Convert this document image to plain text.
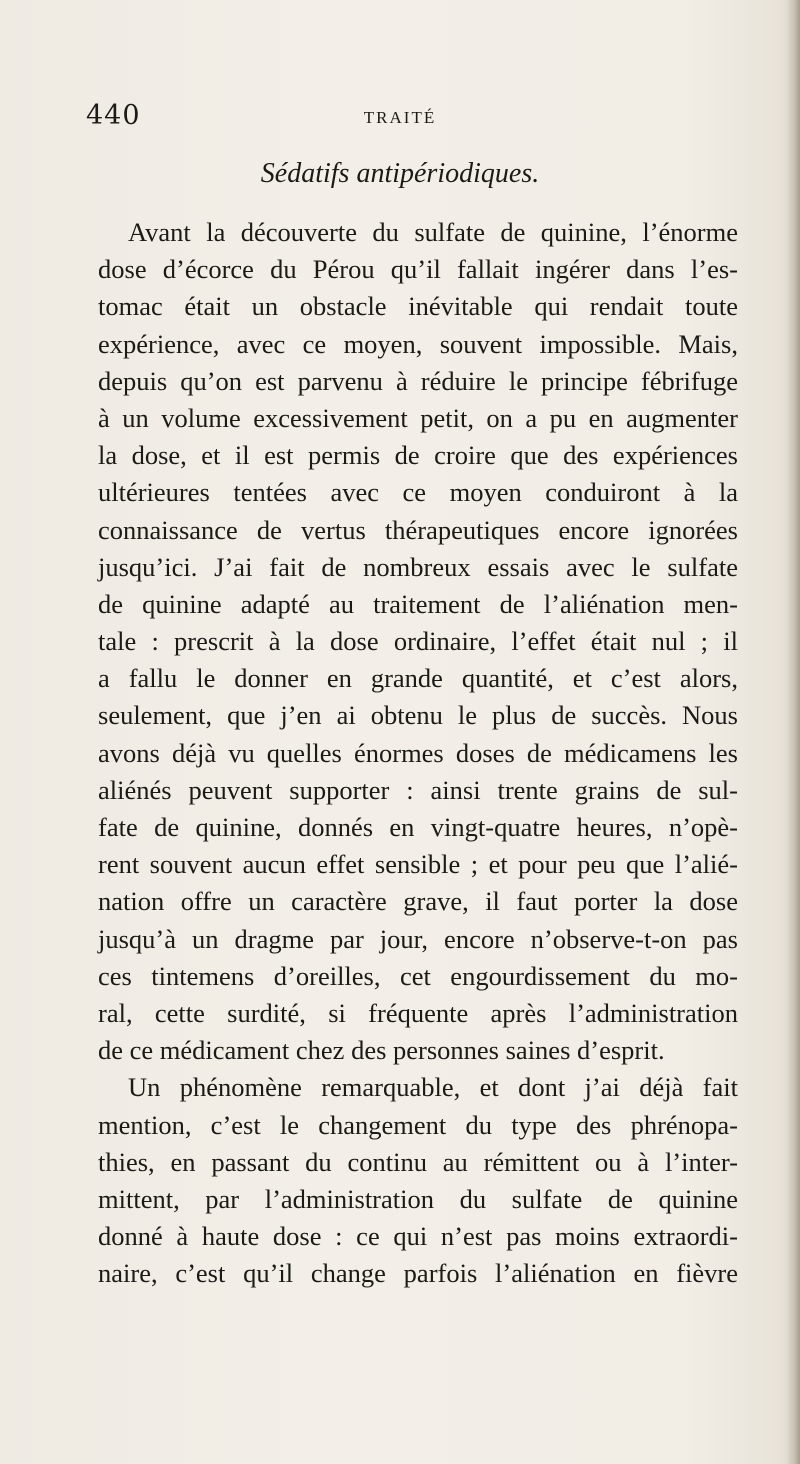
440	TRAITÉ
Sédatifs antipériodiques.
Avant la découverte du sulfate de quinine, l’énorme
dose d’écorce du Pérou qu’il fallait ingérer dans l’es-
tomac était un obstacle inévitable qui rendait toute
expérience, avec ce moyen, souvent impossible. Mais,
depuis qu’on est parvenu à réduire le principe fébrifuge
à un volume excessivement petit, on a pu en augmenter
la dose, et il est permis de croire que des expériences
ultérieures tentées avec ce moyen conduiront à la
connaissance de vertus thérapeutiques encore ignorées
jusqu’ici. J’ai fait de nombreux essais avec le sulfate
de quinine adapté au traitement de l’aliénation men-
tale : prescrit à la dose ordinaire, l’effet était nul ; il
a fallu le donner en grande quantité, et c’est alors,
seulement, que j’en ai obtenu le plus de succès. Nous
avons déjà vu quelles énormes doses de médicamens les
aliénés peuvent supporter : ainsi trente grains de sul-
fate de quinine, donnés en vingt-quatre heures, n’opè-
rent souvent aucun effet sensible ; et pour peu que l’alié-
nation offre un caractère grave, il faut porter la dose
jusqu’à un dragme par jour, encore n’observe-t-on pas
ces tintemens d’oreilles, cet engourdissement du mo-
ral, cette surdité, si fréquente après l’administration
de ce médicament chez des personnes saines d’esprit.
Un phénomène remarquable, et dont j’ai déjà fait
mention, c’est le changement du type des phrénopa-
thies, en passant du continu au rémittent ou à l’inter-
mittent, par l’administration du sulfate de quinine
donné à haute dose : ce qui n’est pas moins extraordi-
naire, c’est qu’il change parfois l’aliénation en fièvre
